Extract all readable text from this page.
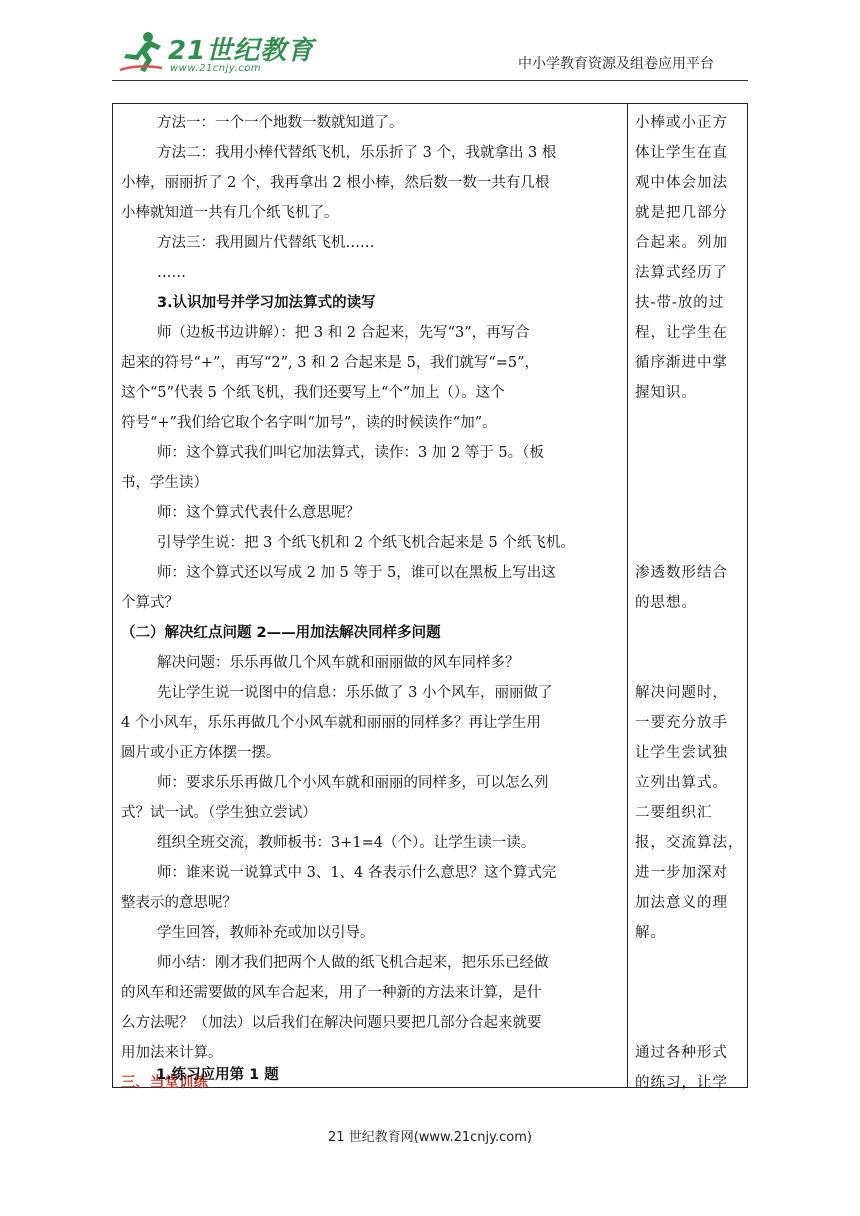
21世纪教育
www.21cnjy.com	中小学教育资源及组卷应用平台
方法一：一个一个地数一数就知道了。
方法二：我用小棒代替纸飞机，乐乐折了 3 个，我就拿出 3 根
小棒，丽丽折了 2 个，我再拿出 2 根小棒，然后数一数一共有几根
小棒就知道一共有几个纸飞机了。
方法三：我用圆片代替纸飞机……
……
3.认识加号并学习加法算式的读写
师（边板书边讲解）：把 3 和 2 合起来，先写“3”，再写合
起来的符号“+”，再写“2”, 3 和 2 合起来是 5，我们就写“=5”，
这个“5”代表 5 个纸飞机，我们还要写上“个”加上（）。这个
符号“+”我们给它取个名字叫“加号”，读的时候读作“加”。
师：这个算式我们叫它加法算式，读作：3 加 2 等于 5。（板
书，学生读）
师：这个算式代表什么意思呢？
引导学生说：把 3 个纸飞机和 2 个纸飞机合起来是 5 个纸飞机。
师：这个算式还以写成 2 加 5 等于 5，谁可以在黑板上写出这
个算式？
（二）解决红点问题 2——用加法解决同样多问题
解决问题：乐乐再做几个风车就和丽丽做的风车同样多？
先让学生说一说图中的信息：乐乐做了 3 小个风车，丽丽做了
4 个小风车，乐乐再做几个小风车就和丽丽的同样多？再让学生用
圆片或小正方体摆一摆。
师：要求乐乐再做几个小风车就和丽丽的同样多，可以怎么列
式？试一试。（学生独立尝试）
组织全班交流，教师板书：3+1=4（个）。让学生读一读。
师：谁来说一说算式中 3、1、4 各表示什么意思？这个算式完
整表示的意思呢？
学生回答，教师补充或加以引导。
师小结：刚才我们把两个人做的纸飞机合起来，把乐乐已经做
的风车和还需要做的风车合起来，用了一种新的方法来计算，是什
么方法呢？（加法）以后我们在解决问题只要把几部分合起来就要
用加法来计算。
三、当堂训练
小棒或小正方
体让学生在直
观中体会加法
就是把几部分
合起来。列加
法算式经历了
扶-带-放的过
程，让学生在
循序渐进中掌
握知识。
渗透数形结合
的思想。
解决问题时，
一要充分放手
让学生尝试独
立列出算式。
二要组织汇
报，交流算法，
进一步加深对
加法意义的理
解。
通过各种形式
的练习，让学
1.练习应用第 1 题
21 世纪教育网(www.21cnjy.com)
